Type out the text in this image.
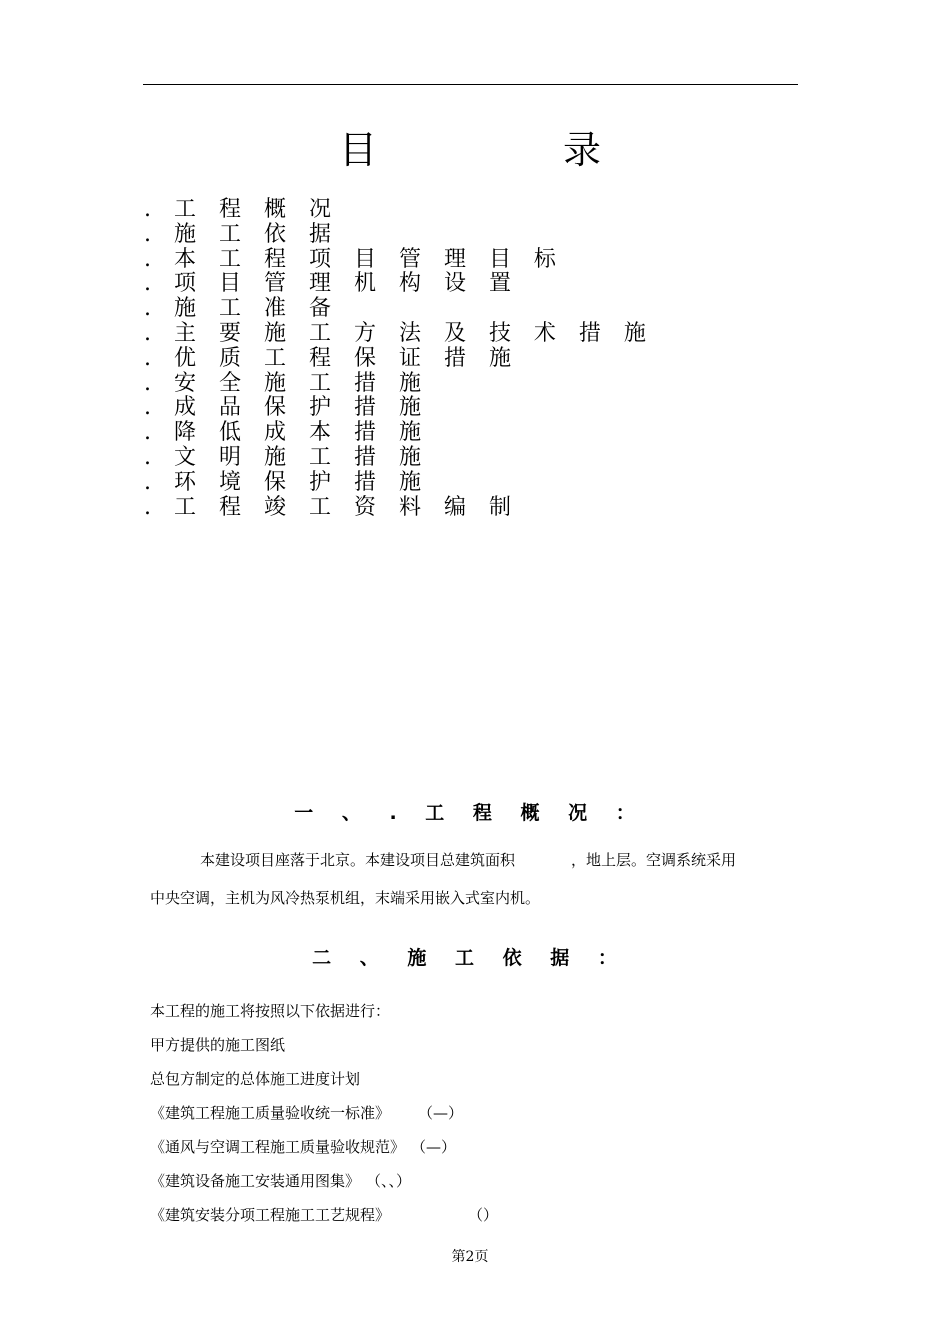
目	录
. 工 程 概 况
. 施 工 依 据
. 本 工 程 项 目 管 理 目 标
. 项 目 管 理 机 构 设 置
. 施 工 准 备
. 主 要 施 工 方 法 及 技 术 措 施
. 优 质 工 程 保 证 措 施
. 安 全 施 工 措 施
. 成 品 保 护 措 施
. 降 低 成 本 措 施
. 文 明 施 工 措 施
. 环 境 保 护 措 施
. 工 程 竣 工 资 料 编 制
一 、 . 工 程 概 况 ：
本建设项目座落于北京。本建设项目总建筑面积	，地上层。空调系统采用
中央空调，主机为风冷热泵机组，末端采用嵌入式室内机。
二 、 施 工 依 据 ：
本工程的施工将按照以下依据进行：
甲方提供的施工图纸
总包方制定的总体施工进度计划
《建筑工程施工质量验收统一标准》 （—）
《通风与空调工程施工质量验收规范》 （—）
《建筑设备施工安装通用图集》 （、、）
《建筑安装分项工程施工工艺规程》	（）
第2页
